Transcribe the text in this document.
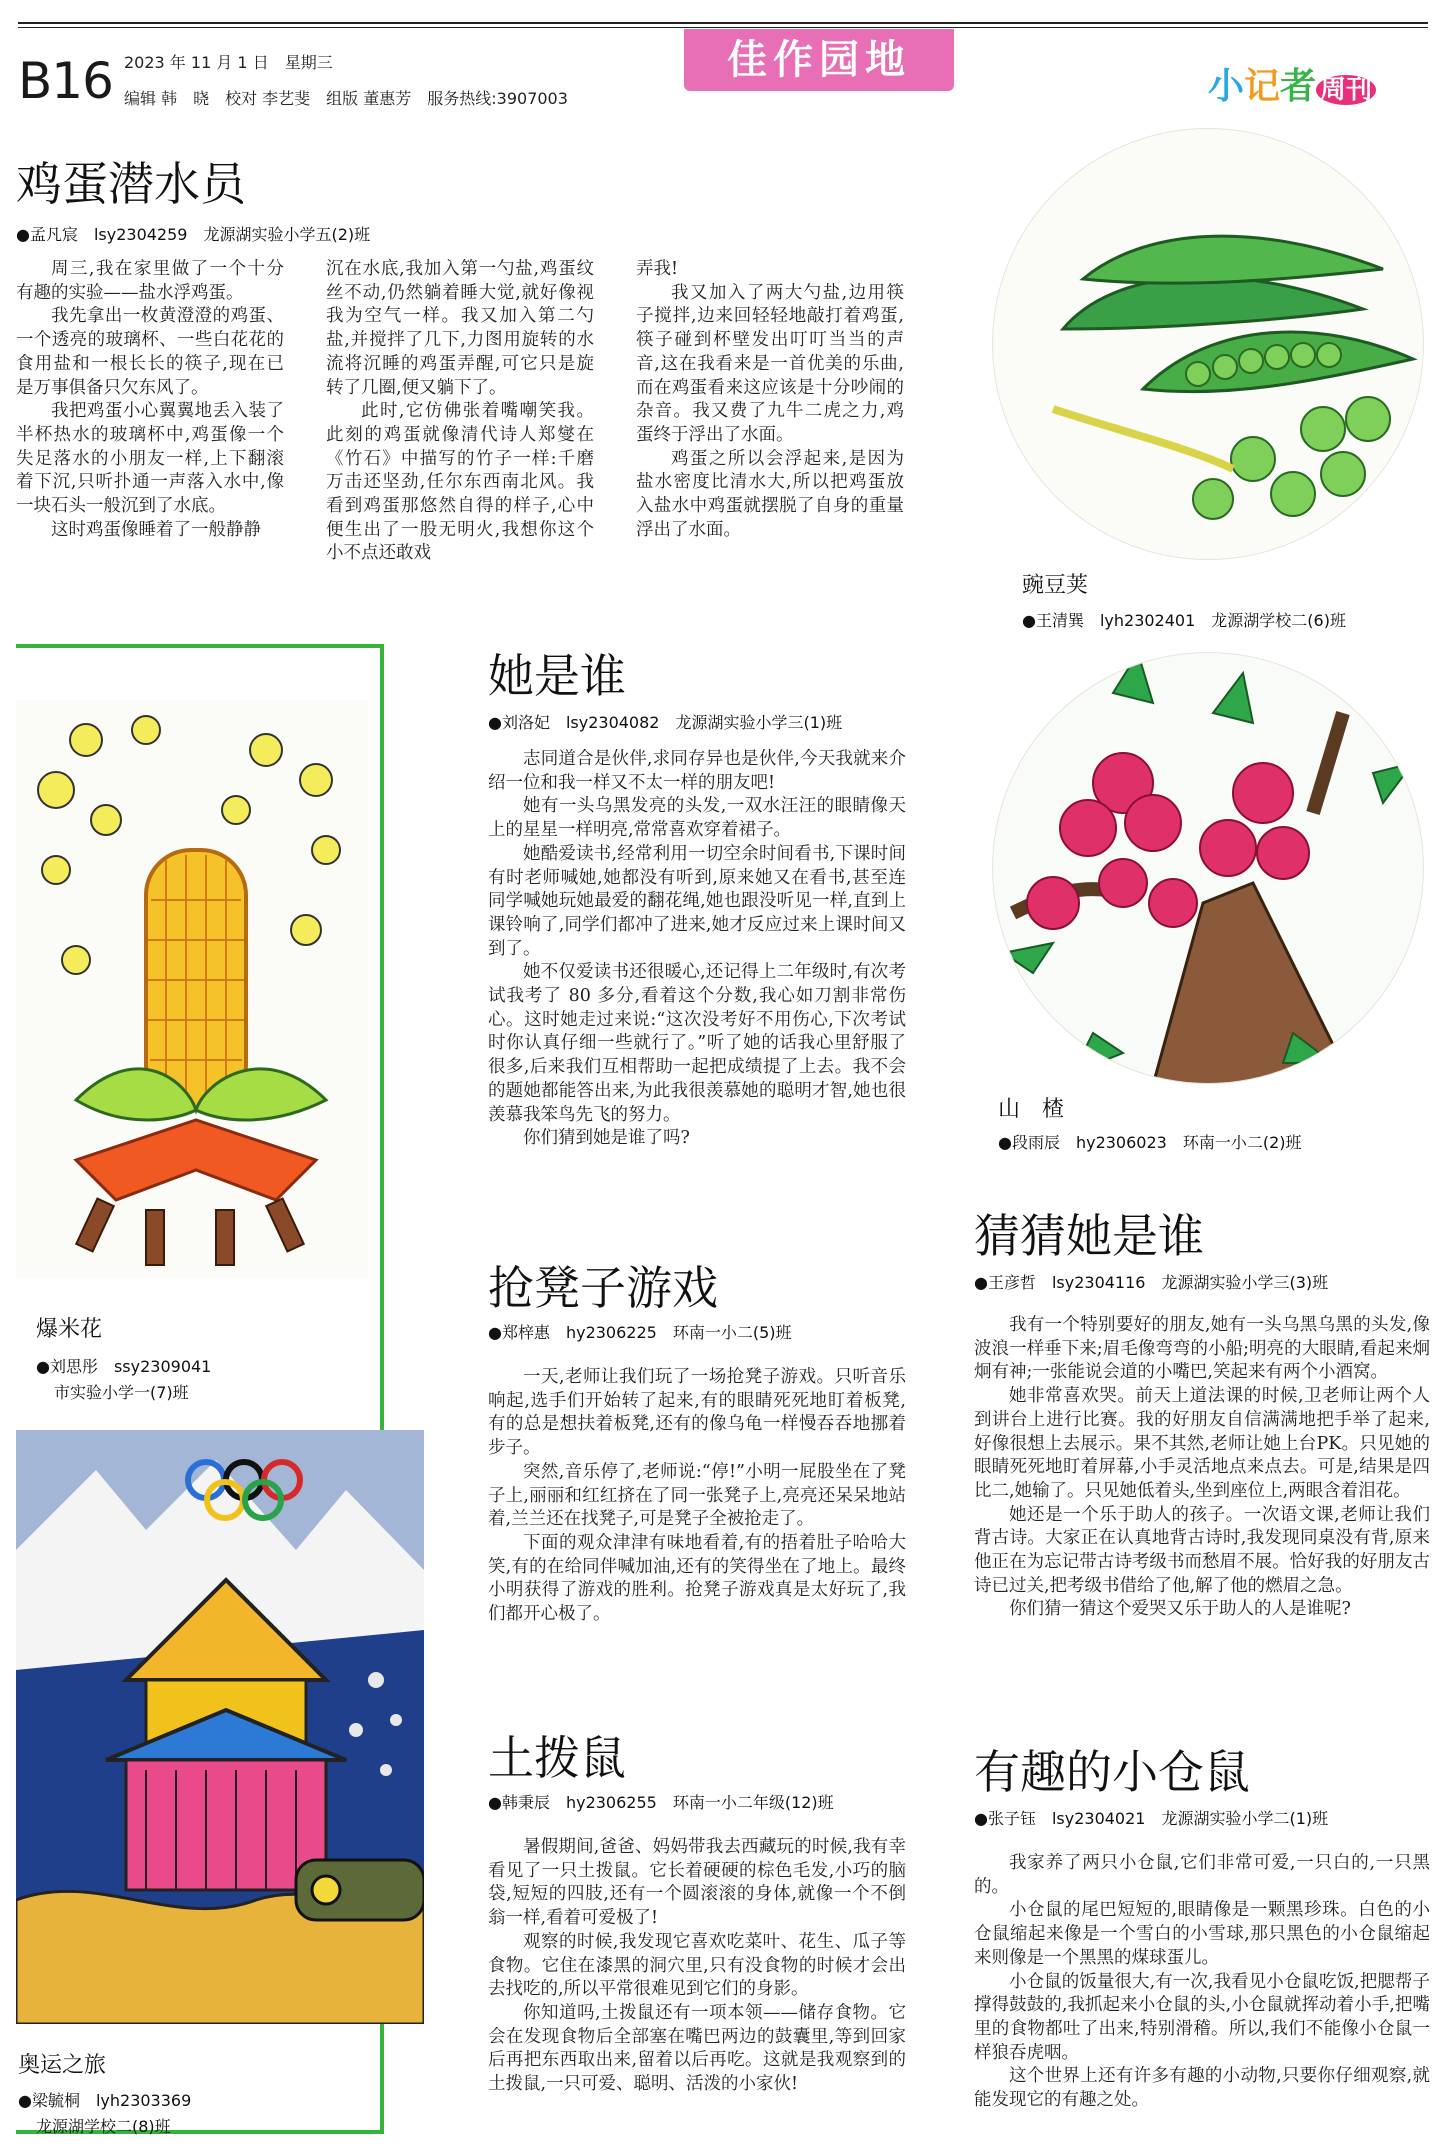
B16 2023 年 11 月 1 日　星期三
编辑 韩　晓　校对 李艺斐　组版 董惠芳　服务热线:3907003
佳作园地
小记者 周刊
鸡蛋潜水员
●孟凡宸　lsy2304259　龙源湖实验小学五(2)班

周三,我在家里做了一个十分有趣的实验——盐水浮鸡蛋。

我先拿出一枚黄澄澄的鸡蛋、一个透亮的玻璃杯、一些白花花的食用盐和一根长长的筷子,现在已是万事俱备只欠东风了。

我把鸡蛋小心翼翼地丢入装了半杯热水的玻璃杯中,鸡蛋像一个失足落水的小朋友一样,上下翻滚着下沉,只听扑通一声落入水中,像一块石头一般沉到了水底。

这时鸡蛋像睡着了一般静静

沉在水底,我加入第一勺盐,鸡蛋纹丝不动,仍然躺着睡大觉,就好像视我为空气一样。我又加入第二勺盐,并搅拌了几下,力图用旋转的水流将沉睡的鸡蛋弄醒,可它只是旋转了几圈,便又躺下了。

此时,它仿佛张着嘴嘲笑我。此刻的鸡蛋就像清代诗人郑燮在《竹石》中描写的竹子一样:千磨万击还坚劲,任尔东西南北风。我看到鸡蛋那悠然自得的样子,心中便生出了一股无明火,我想你这个小不点还敢戏

弄我!

我又加入了两大勺盐,边用筷子搅拌,边来回轻轻地敲打着鸡蛋,筷子碰到杯壁发出叮叮当当的声音,这在我看来是一首优美的乐曲,而在鸡蛋看来这应该是十分吵闹的杂音。我又费了九牛二虎之力,鸡蛋终于浮出了水面。

鸡蛋之所以会浮起来,是因为盐水密度比清水大,所以把鸡蛋放入盐水中鸡蛋就摆脱了自身的重量浮出了水面。

豌豆荚
●王清巽　lyh2302401　龙源湖学校二(6)班
山　楂
●段雨辰　hy2306023　环南一小二(2)班
爆米花
●刘思彤　ssy2309041
市实验小学一(7)班
奥运之旅
●梁毓桐　lyh2303369
龙源湖学校二(8)班
她是谁
●刘洛妃　lsy2304082　龙源湖实验小学三(1)班

志同道合是伙伴,求同存异也是伙伴,今天我就来介绍一位和我一样又不太一样的朋友吧!

她有一头乌黑发亮的头发,一双水汪汪的眼睛像天上的星星一样明亮,常常喜欢穿着裙子。

她酷爱读书,经常利用一切空余时间看书,下课时间有时老师喊她,她都没有听到,原来她又在看书,甚至连同学喊她玩她最爱的翻花绳,她也跟没听见一样,直到上课铃响了,同学们都冲了进来,她才反应过来上课时间又到了。

她不仅爱读书还很暖心,还记得上二年级时,有次考试我考了 80 多分,看着这个分数,我心如刀割非常伤心。这时她走过来说:“这次没考好不用伤心,下次考试时你认真仔细一些就行了。”听了她的话我心里舒服了很多,后来我们互相帮助一起把成绩提了上去。我不会的题她都能答出来,为此我很羡慕她的聪明才智,她也很羡慕我笨鸟先飞的努力。

你们猜到她是谁了吗?

抢凳子游戏
●郑梓惠　hy2306225　环南一小二(5)班

一天,老师让我们玩了一场抢凳子游戏。只听音乐响起,选手们开始转了起来,有的眼睛死死地盯着板凳,有的总是想扶着板凳,还有的像乌龟一样慢吞吞地挪着步子。

突然,音乐停了,老师说:“停!”小明一屁股坐在了凳子上,丽丽和红红挤在了同一张凳子上,亮亮还呆呆地站着,兰兰还在找凳子,可是凳子全被抢走了。

下面的观众津津有味地看着,有的捂着肚子哈哈大笑,有的在给同伴喊加油,还有的笑得坐在了地上。最终小明获得了游戏的胜利。抢凳子游戏真是太好玩了,我们都开心极了。

土拨鼠
●韩秉辰　hy2306255　环南一小二年级(12)班

暑假期间,爸爸、妈妈带我去西藏玩的时候,我有幸看见了一只土拨鼠。它长着硬硬的棕色毛发,小巧的脑袋,短短的四肢,还有一个圆滚滚的身体,就像一个不倒翁一样,看着可爱极了!

观察的时候,我发现它喜欢吃菜叶、花生、瓜子等食物。它住在漆黑的洞穴里,只有没食物的时候才会出去找吃的,所以平常很难见到它们的身影。

你知道吗,土拨鼠还有一项本领——储存食物。它会在发现食物后全部塞在嘴巴两边的鼓囊里,等到回家后再把东西取出来,留着以后再吃。这就是我观察到的土拨鼠,一只可爱、聪明、活泼的小家伙!

猜猜她是谁
●王彦哲　lsy2304116　龙源湖实验小学三(3)班

我有一个特别要好的朋友,她有一头乌黑乌黑的头发,像波浪一样垂下来;眉毛像弯弯的小船;明亮的大眼睛,看起来炯炯有神;一张能说会道的小嘴巴,笑起来有两个小酒窝。

她非常喜欢哭。前天上道法课的时候,卫老师让两个人到讲台上进行比赛。我的好朋友自信满满地把手举了起来,好像很想上去展示。果不其然,老师让她上台PK。只见她的眼睛死死地盯着屏幕,小手灵活地点来点去。可是,结果是四比二,她输了。只见她低着头,坐到座位上,两眼含着泪花。

她还是一个乐于助人的孩子。一次语文课,老师让我们背古诗。大家正在认真地背古诗时,我发现同桌没有背,原来他正在为忘记带古诗考级书而愁眉不展。恰好我的好朋友古诗已过关,把考级书借给了他,解了他的燃眉之急。

你们猜一猜这个爱哭又乐于助人的人是谁呢?

有趣的小仓鼠
●张子钰　lsy2304021　龙源湖实验小学二(1)班

我家养了两只小仓鼠,它们非常可爱,一只白的,一只黑的。

小仓鼠的尾巴短短的,眼睛像是一颗黑珍珠。白色的小仓鼠缩起来像是一个雪白的小雪球,那只黑色的小仓鼠缩起来则像是一个黑黑的煤球蛋儿。

小仓鼠的饭量很大,有一次,我看见小仓鼠吃饭,把腮帮子撑得鼓鼓的,我抓起来小仓鼠的头,小仓鼠就挥动着小手,把嘴里的食物都吐了出来,特别滑稽。所以,我们不能像小仓鼠一样狼吞虎咽。

这个世界上还有许多有趣的小动物,只要你仔细观察,就能发现它的有趣之处。
